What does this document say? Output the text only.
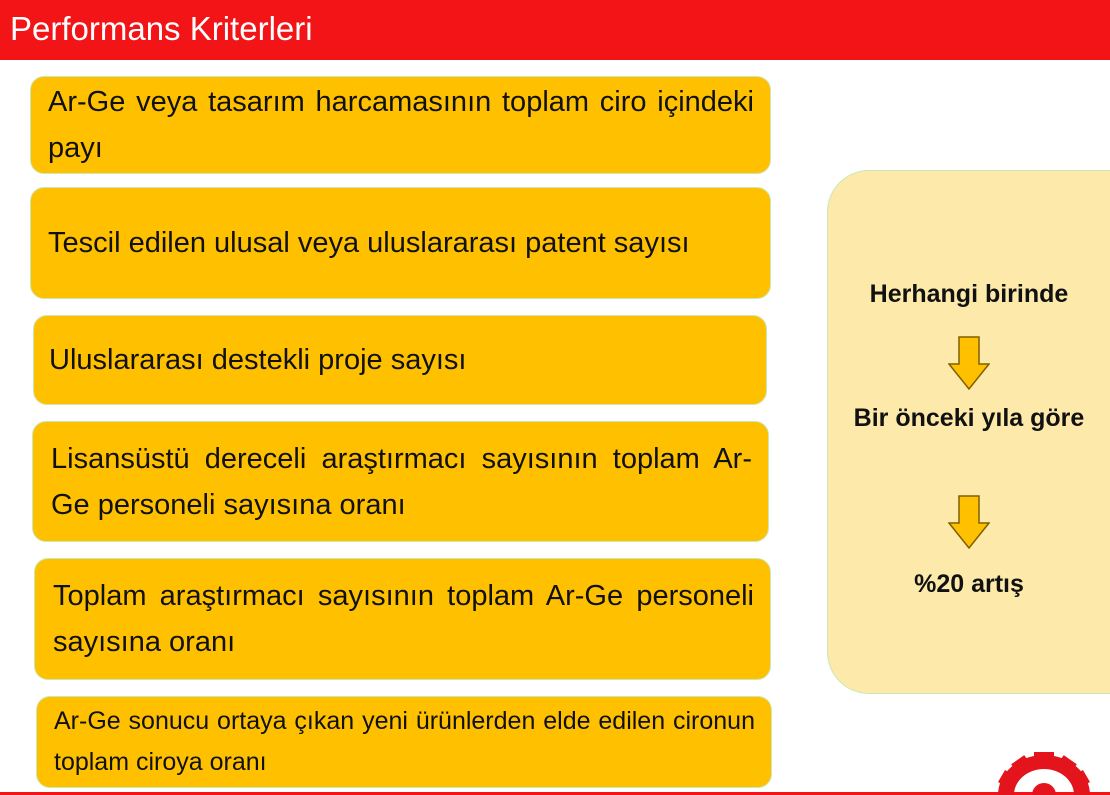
Performans Kriterleri
Ar-Ge veya tasarım harcamasının toplam ciro içindeki payı
Tescil edilen ulusal veya uluslararası patent sayısı
Uluslararası destekli proje sayısı
Lisansüstü dereceli araştırmacı sayısının toplam Ar-Ge personeli sayısına oranı
Toplam araştırmacı sayısının toplam Ar-Ge personeli sayısına oranı
Ar-Ge sonucu ortaya çıkan yeni ürünlerden elde edilen cironun toplam ciroya oranı
Herhangi birinde
Bir önceki yıla göre
%20 artış
